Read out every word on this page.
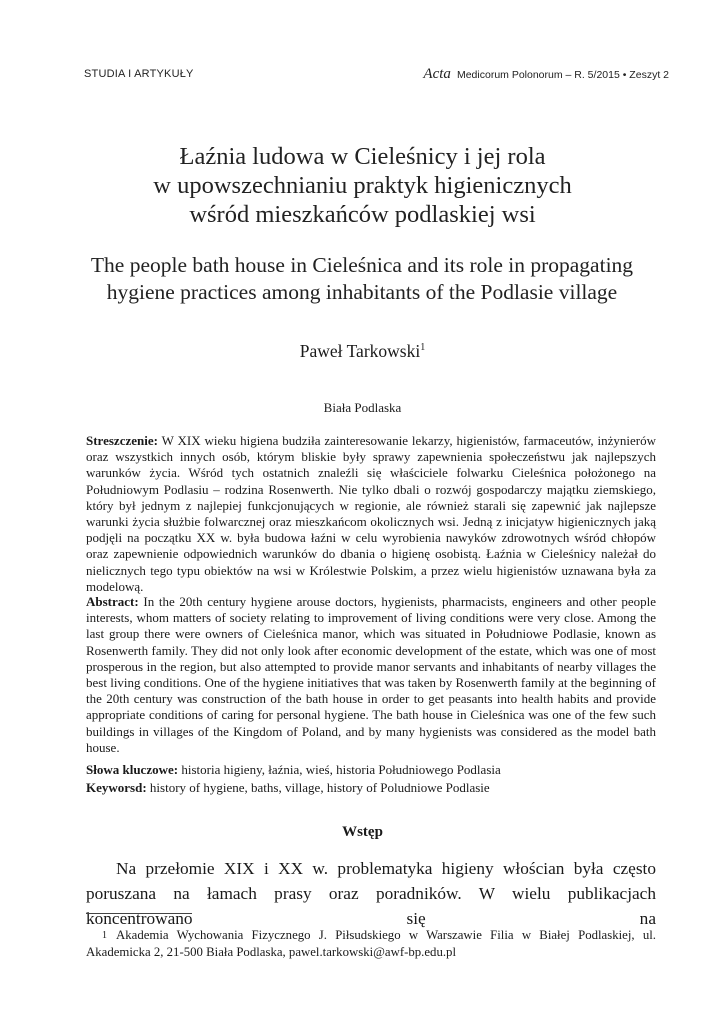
STUDIA I ARTYKUŁY	Acta Medicorum Polonorum – R. 5/2015 • Zeszyt 2
Łaźnia ludowa w Cieleśnicy i jej rola
w upowszechnianiu praktyk higienicznych
wśród mieszkańców podlaskiej wsi
The people bath house in Cieleśnica and its role in propagating
hygiene practices among inhabitants of the Podlasie village
Paweł Tarkowski$^1$
Biała Podlaska
Streszczenie: W XIX wieku higiena budziła zainteresowanie lekarzy, higienistów, farmaceutów, inżynierów oraz wszystkich innych osób, którym bliskie były sprawy zapewnienia społeczeństwu jak najlepszych warunków życia. Wśród tych ostatnich znaleźli się właściciele folwarku Cieleśnica położonego na Południowym Podlasiu – rodzina Rosenwerth. Nie tylko dbali o rozwój gospodarczy majątku ziemskiego, który był jednym z najlepiej funkcjonujących w regionie, ale również starali się zapewnić jak najlepsze warunki życia służbie folwarcznej oraz mieszkańcom okolicznych wsi. Jedną z inicjatyw higienicznych jaką podjęli na początku XX w. była budowa łaźni w celu wyrobienia nawyków zdrowotnych wśród chłopów oraz zapewnienie odpowiednich warunków do dbania o higienę osobistą. Łaźnia w Cieleśnicy należał do nielicznych tego typu obiektów na wsi w Królestwie Polskim, a przez wielu higienistów uznawana była za modelową.
Abstract: In the 20th century hygiene arouse doctors, hygienists, pharmacists, engineers and other people interests, whom matters of society relating to improvement of living conditions were very close. Among the last group there were owners of Cieleśnica manor, which was situated in Południowe Podlasie, known as Rosenwerth family. They did not only look after economic development of the estate, which was one of most prosperous in the region, but also attempted to provide manor servants and inhabitants of nearby villages the best living conditions. One of the hygiene initiatives that was taken by Rosenwerth family at the beginning of the 20th century was construction of the bath house in order to get peasants into health habits and provide appropriate conditions of caring for personal hygiene. The bath house in Cieleśnica was one of the few such buildings in villages of the Kingdom of Poland, and by many hygienists was considered as the model bath house.
Słowa kluczowe: historia higieny, łaźnia, wieś, historia Południowego Podlasia
Keyworsd: history of hygiene, baths, village, history of Poludniowe Podlasie
Wstęp
Na przełomie XIX i XX w. problematyka higieny włościan była często poruszana na łamach prasy oraz poradników. W wielu publikacjach koncentrowano się na
1 Akademia Wychowania Fizycznego J. Piłsudskiego w Warszawie Filia w Białej Podlaskiej, ul. Akademicka 2, 21-500 Biała Podlaska, pawel.tarkowski@awf-bp.edu.pl
